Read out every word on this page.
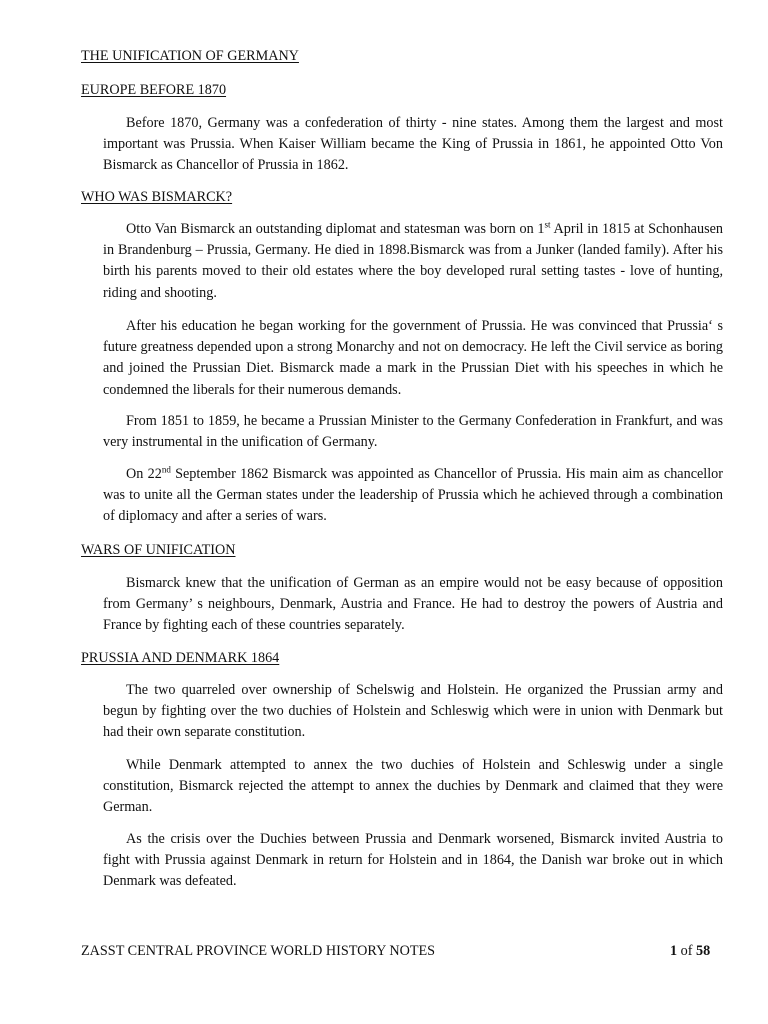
THE UNIFICATION OF GERMANY
EUROPE BEFORE 1870

Before 1870, Germany was a confederation of thirty - nine states. Among them the largest and most important was Prussia. When Kaiser William became the King of Prussia in 1861, he appointed Otto Von Bismarck as Chancellor of Prussia in 1862.

WHO WAS BISMARCK?

Otto Van Bismarck an outstanding diplomat and statesman was born on 1st April in 1815 at Schonhausen in Brandenburg – Prussia, Germany. He died in 1898.Bismarck was from a Junker (landed family). After his birth his parents moved to their old estates where the boy developed rural setting tastes - love of hunting, riding and shooting.

After his education he began working for the government of Prussia. He was convinced that Prussia‘ s future greatness depended upon a strong Monarchy and not on democracy. He left the Civil service as boring and joined the Prussian Diet. Bismarck made a mark in the Prussian Diet with his speeches in which he condemned the liberals for their numerous demands.

From 1851 to 1859, he became a Prussian Minister to the Germany Confederation in Frankfurt, and was very instrumental in the unification of Germany.

On 22nd September 1862 Bismarck was appointed as Chancellor of Prussia. His main aim as chancellor was to unite all the German states under the leadership of Prussia which he achieved through a combination of diplomacy and after a series of wars.

WARS OF UNIFICATION

Bismarck knew that the unification of German as an empire would not be easy because of opposition from Germany’ s neighbours, Denmark, Austria and France. He had to destroy the powers of Austria and France by fighting each of these countries separately.

PRUSSIA AND DENMARK 1864

The two quarreled over ownership of Schelswig and Holstein. He organized the Prussian army and begun by fighting over the two duchies of Holstein and Schleswig which were in union with Denmark but had their own separate constitution.

While Denmark attempted to annex the two duchies of Holstein and Schleswig under a single constitution, Bismarck rejected the attempt to annex the duchies by Denmark and claimed that they were German.

As the crisis over the Duchies between Prussia and Denmark worsened, Bismarck invited Austria to fight with Prussia against Denmark in return for Holstein and in 1864, the Danish war broke out in which Denmark was defeated.

ZASST CENTRAL PROVINCE WORLD HISTORY NOTES	1 of 58
